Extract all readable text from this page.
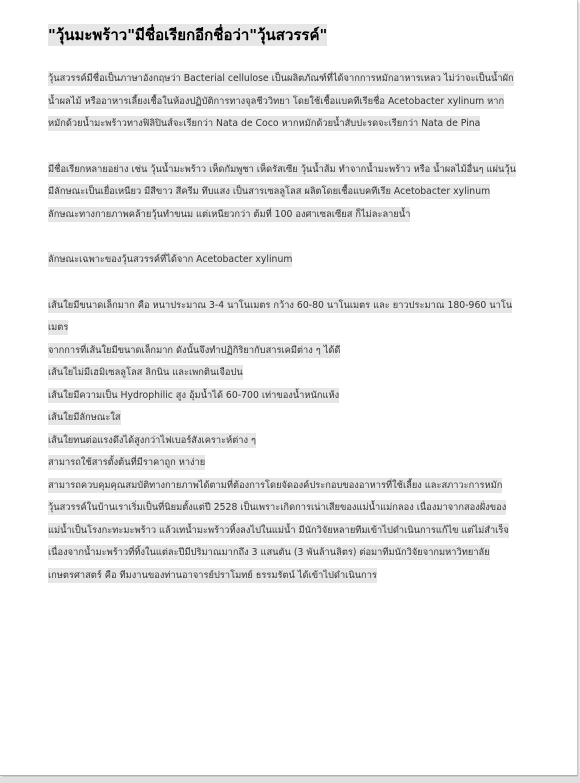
"วุ้นมะพร้าว"มีชื่อเรียกอีกชื่อว่า"วุ้นสวรรค์"

วุ้นสวรรค์มีชื่อเป็นภาษาอังกฤษว่า Bacterial cellulose เป็นผลิตภัณฑ์ที่ได้จากการหมักอาหารเหลว ไม่ว่าจะเป็นน้ำผัก น้ำผลไม้ หรืออาหารเลี้ยงเชื้อในห้องปฏิบัติการทางจุลชีววิทยา โดยใช้เชื้อแบคทีเรียชื่อ Acetobacter xylinum หากหมักด้วยน้ำมะพร้าวทางฟิลิปินส์จะเรียกว่า Nata de Coco หากหมักด้วยน้ำสับปะรดจะเรียกว่า Nata de Pina

มีชื่อเรียกหลายอย่าง เช่น วุ้นน้ำมะพร้าว เห็ดกัมพูชา เห็ดรัสเซีย วุ้นน้ำส้ม ทำจากน้ำมะพร้าว หรือ น้ำผลไม้อื่นๆ แผ่นวุ้นมีลักษณะเป็นเยื่อเหนียว มีสีขาว สีครีม ทึบแสง เป็นสารเซลลูโลส ผลิตโดยเชื้อแบคทีเรีย Acetobacter xylinum ลักษณะทางกายภาพคล้ายวุ้นทำขนม แต่เหนียวกว่า ต้มที่ 100 องศาเซลเซียส ก็ไม่ละลายน้ำ

ลักษณะเฉพาะของวุ้นสวรรค์ที่ได้จาก Acetobacter xylinum

เส้นใยมีขนาดเล็กมาก คือ หนาประมาณ 3-4 นาโนเมตร กว้าง 60-80 นาโนเมตร และ ยาวประมาณ 180-960 นาโนเมตร

จากการที่เส้นใยมีขนาดเล็กมาก ดังนั้นจึงทำปฏิกิริยากับสารเคมีต่าง ๆ ได้ดี

เส้นใยไม่มีเฮมิเซลลูโลส ลิกนิน และเพกตินเจือปน

เส้นใยมีความเป็น Hydrophilic สูง อุ้มน้ำได้ 60-700 เท่าของน้ำหนักแห้ง

เส้นใยมีลักษณะใส

เส้นใยทนต่อแรงดึงได้สูงกว่าไฟเบอร์สังเคราะห์ต่าง ๆ

สามารถใช้สารตั้งต้นที่มีราคาถูก หาง่าย

สามารถควบคุมคุณสมบัติทางกายภาพได้ตามที่ต้องการโดยจัดองค์ประกอบของอาหารที่ใช้เลี้ยง และสภาวะการหมัก

วุ้นสวรรค์ในบ้านเราเริ่มเป็นที่นิยมตั้งแต่ปี 2528 เป็นเพราะเกิดการเน่าเสียของแม่น้ำแม่กลอง เนื่องมาจากสองฝั่งของแม่น้ำเป็นโรงกะทะมะพร้าว แล้วเทน้ำมะพร้าวทิ้งลงไปในแม่น้ำ มีนักวิจัยหลายทีมเข้าไปดำเนินการแก้ไข แต่ไม่สำเร็จเนื่องจากน้ำมะพร้าวที่ทิ้งในแต่ละปีมีปริมาณมากถึง 3 แสนตัน (3 พันล้านลิตร) ต่อมาทีมนักวิจัยจากมหาวิทยาลัยเกษตรศาสตร์ คือ ทีมงานของท่านอาจารย์ปราโมทย์ ธรรมรัตน์ ได้เข้าไปดำเนินการ
